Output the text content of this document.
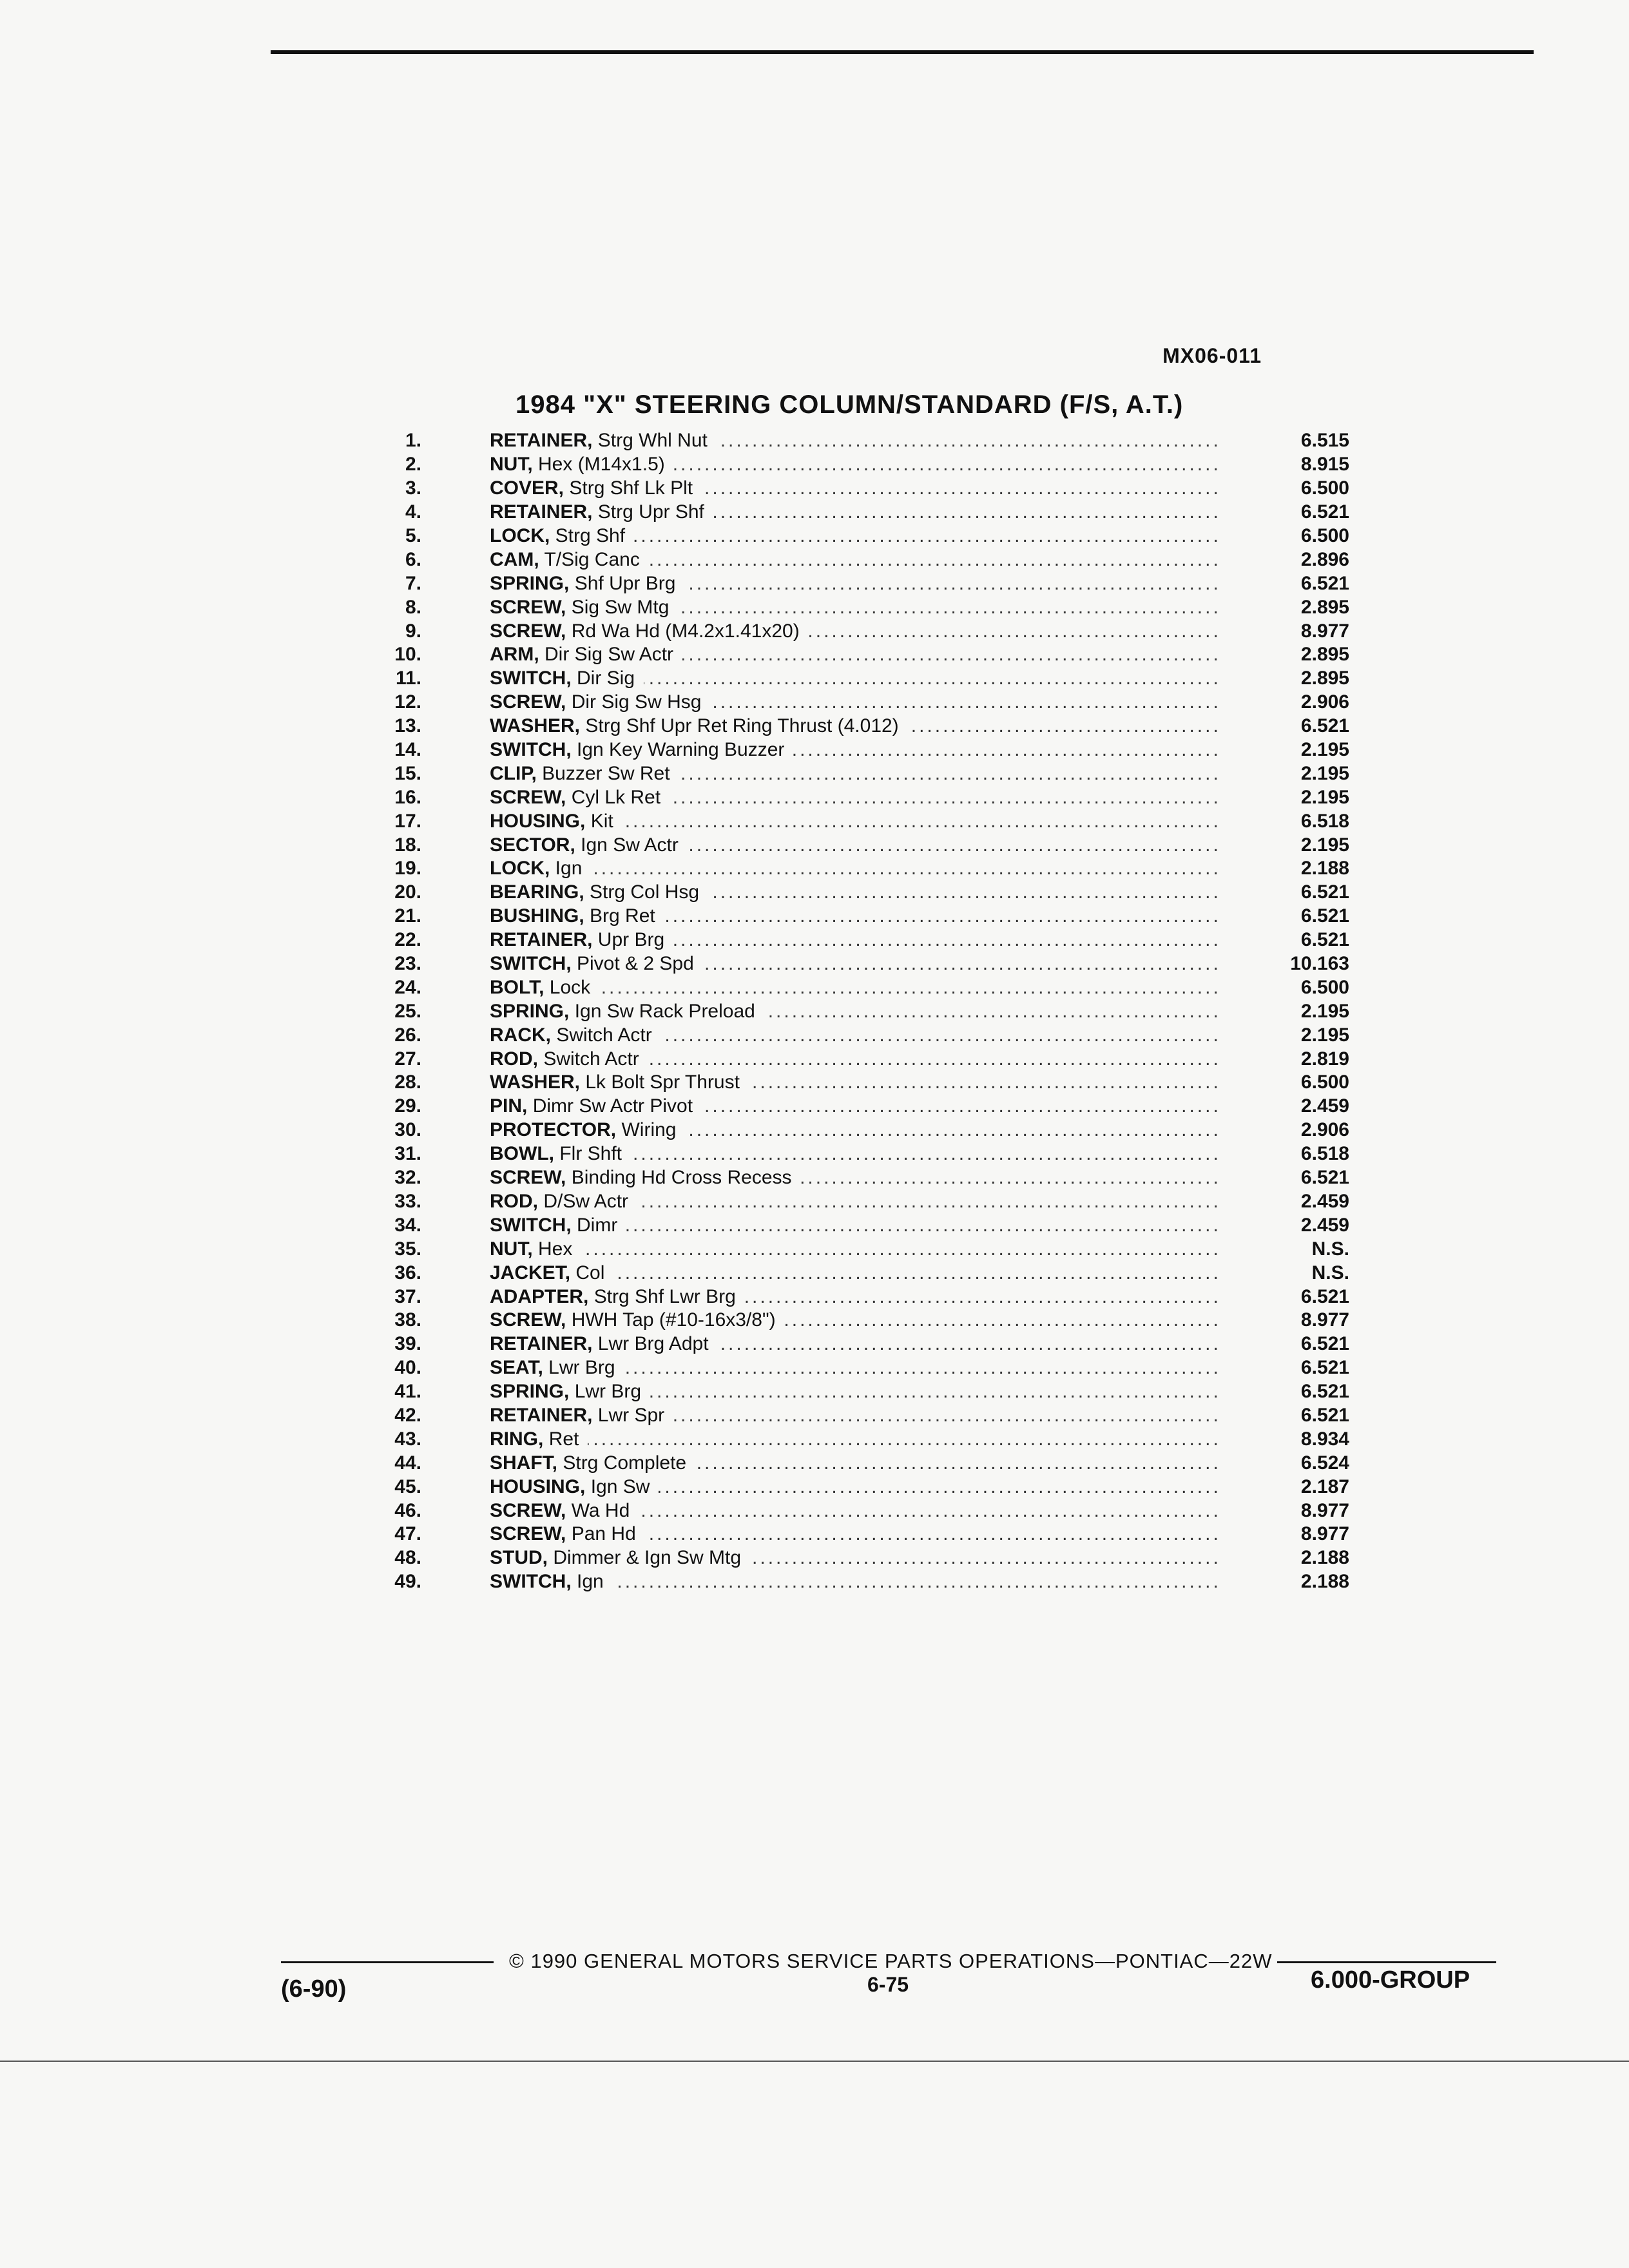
MX06-011
1984 "X" STEERING COLUMN/STANDARD (F/S, A.T.)
1.	RETAINER, Strg Whl Nut .....	6.515
2.	NUT, Hex (M14x1.5) .....	8.915
3.	COVER, Strg Shf Lk Plt .....	6.500
4.	RETAINER, Strg Upr Shf .....	6.521
5.	LOCK, Strg Shf .....	6.500
6.	CAM, T/Sig Canc .....	2.896
7.	SPRING, Shf Upr Brg .....	6.521
8.	SCREW, Sig Sw Mtg .....	2.895
9.	SCREW, Rd Wa Hd (M4.2x1.41x20) .....	8.977
10.	ARM, Dir Sig Sw Actr .....	2.895
11.	SWITCH, Dir Sig .....	2.895
12.	SCREW, Dir Sig Sw Hsg .....	2.906
13.	WASHER, Strg Shf Upr Ret Ring Thrust (4.012) .....	6.521
14.	SWITCH, Ign Key Warning Buzzer .....	2.195
15.	CLIP, Buzzer Sw Ret .....	2.195
16.	SCREW, Cyl Lk Ret .....	2.195
17.	HOUSING, Kit .....	6.518
18.	SECTOR, Ign Sw Actr .....	2.195
19.	LOCK, Ign .....	2.188
20.	BEARING, Strg Col Hsg .....	6.521
21.	BUSHING, Brg Ret .....	6.521
22.	RETAINER, Upr Brg .....	6.521
23.	SWITCH, Pivot & 2 Spd .....	10.163
24.	BOLT, Lock .....	6.500
25.	SPRING, Ign Sw Rack Preload .....	2.195
26.	RACK, Switch Actr .....	2.195
27.	ROD, Switch Actr .....	2.819
28.	WASHER, Lk Bolt Spr Thrust .....	6.500
29.	PIN, Dimr Sw Actr Pivot .....	2.459
30.	PROTECTOR, Wiring .....	2.906
31.	BOWL, Flr Shft .....	6.518
32.	SCREW, Binding Hd Cross Recess .....	6.521
33.	ROD, D/Sw Actr .....	2.459
34.	SWITCH, Dimr .....	2.459
35.	NUT, Hex .....	N.S.
36.	JACKET, Col .....	N.S.
37.	ADAPTER, Strg Shf Lwr Brg .....	6.521
38.	SCREW, HWH Tap (#10-16x3/8") .....	8.977
39.	RETAINER, Lwr Brg Adpt .....	6.521
40.	SEAT, Lwr Brg .....	6.521
41.	SPRING, Lwr Brg .....	6.521
42.	RETAINER, Lwr Spr .....	6.521
43.	RING, Ret .....	8.934
44.	SHAFT, Strg Complete .....	6.524
45.	HOUSING, Ign Sw .....	2.187
46.	SCREW, Wa Hd .....	8.977
47.	SCREW, Pan Hd .....	8.977
48.	STUD, Dimmer & Ign Sw Mtg .....	2.188
49.	SWITCH, Ign .....	2.188
© 1990 GENERAL MOTORS SERVICE PARTS OPERATIONS—PONTIAC—22W
(6-90)	6-75	6.000-GROUP
